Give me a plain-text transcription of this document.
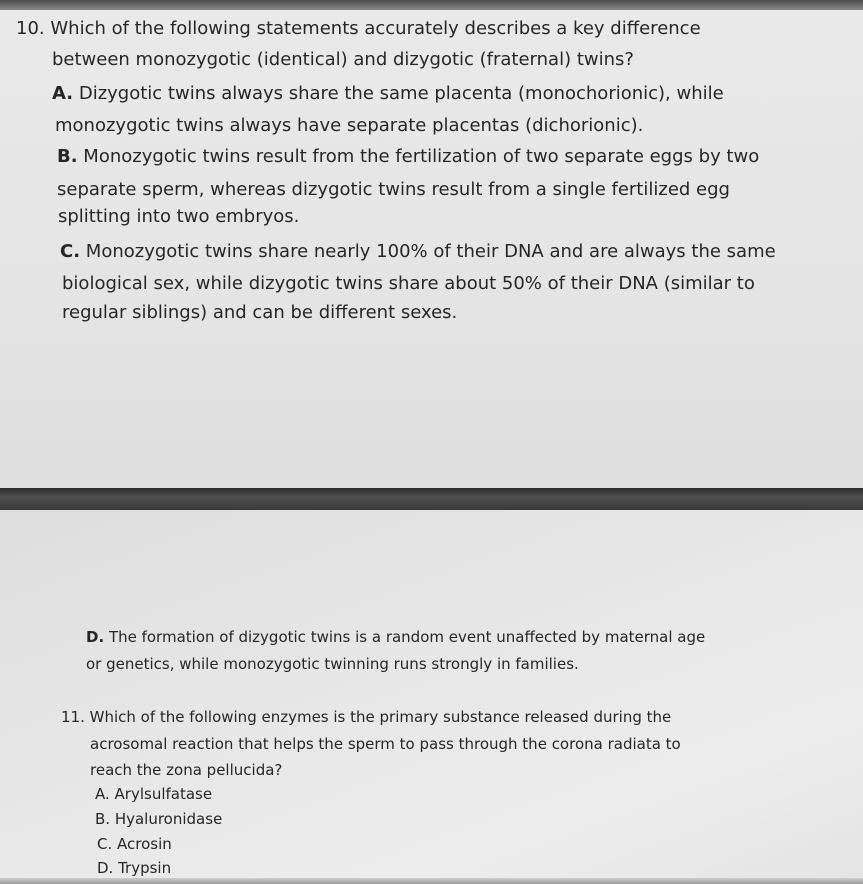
10. Which of the following statements accurately describes a key difference
between monozygotic (identical) and dizygotic (fraternal) twins?
A. Dizygotic twins always share the same placenta (monochorionic), while
monozygotic twins always have separate placentas (dichorionic).
B. Monozygotic twins result from the fertilization of two separate eggs by two
separate sperm, whereas dizygotic twins result from a single fertilized egg
splitting into two embryos.
C. Monozygotic twins share nearly 100% of their DNA and are always the same
biological sex, while dizygotic twins share about 50% of their DNA (similar to
regular siblings) and can be different sexes.
D. The formation of dizygotic twins is a random event unaffected by maternal age
or genetics, while monozygotic twinning runs strongly in families.
11. Which of the following enzymes is the primary substance released during the
acrosomal reaction that helps the sperm to pass through the corona radiata to
reach the zona pellucida?
A. Arylsulfatase
B. Hyaluronidase
C. Acrosin
D. Trypsin
